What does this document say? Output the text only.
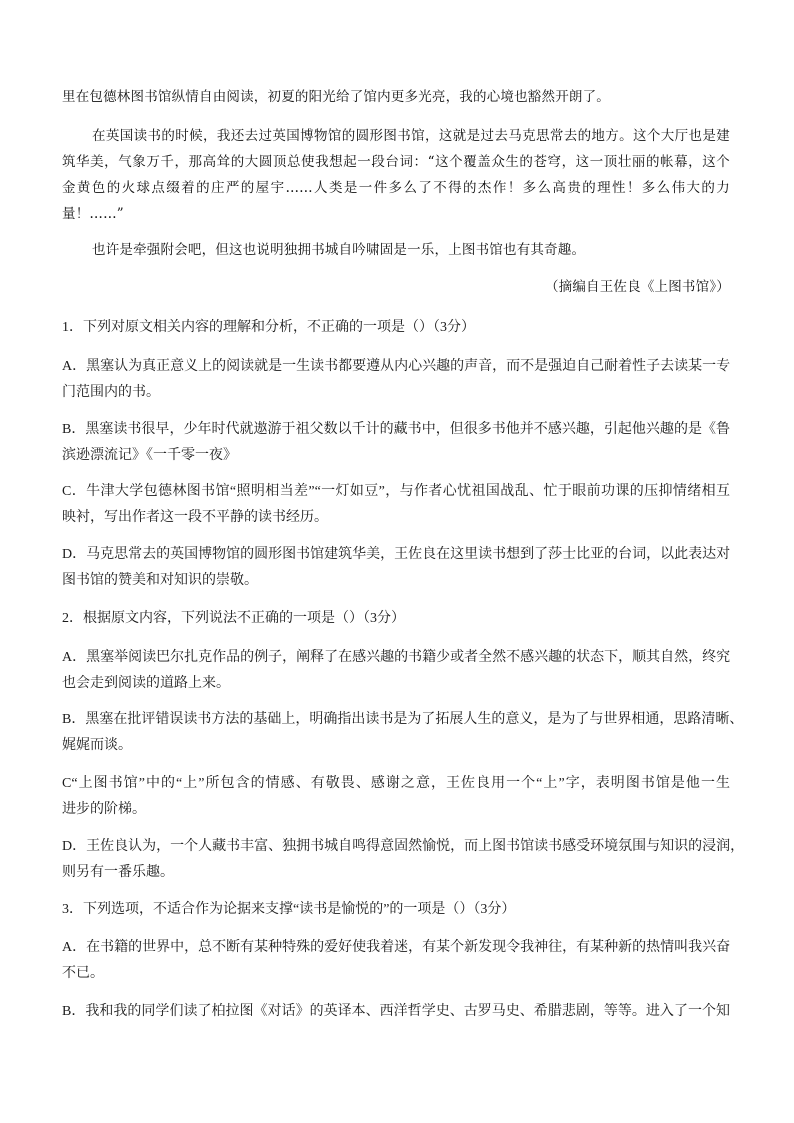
里在包德林图书馆纵情自由阅读，初夏的阳光给了馆内更多光亮，我的心境也豁然开朗了。
在英国读书的时候，我还去过英国博物馆的圆形图书馆，这就是过去马克思常去的地方。这个大厅也是建
筑华美，气象万千，那高耸的大圆顶总使我想起一段台词：“这个覆盖众生的苍穹，这一顶壮丽的帐幕，这个
金黄色的火球点缀着的庄严的屋宇……人类是一件多么了不得的杰作！多么高贵的理性！多么伟大的力
量！……”
也许是牵强附会吧，但这也说明独拥书城自吟啸固是一乐，上图书馆也有其奇趣。
（摘编自王佐良《上图书馆》）
1．下列对原文相关内容的理解和分析，不正确的一项是（）（3分）
A．黑塞认为真正意义上的阅读就是一生读书都要遵从内心兴趣的声音，而不是强迫自己耐着性子去读某一专
门范围内的书。
B．黑塞读书很早，少年时代就遨游于祖父数以千计的藏书中，但很多书他并不感兴趣，引起他兴趣的是《鲁
滨逊漂流记》《一千零一夜》
C．牛津大学包德林图书馆“照明相当差”“一灯如豆”，与作者心忧祖国战乱、忙于眼前功课的压抑情绪相互
映衬，写出作者这一段不平静的读书经历。
D．马克思常去的英国博物馆的圆形图书馆建筑华美，王佐良在这里读书想到了莎士比亚的台词，以此表达对
图书馆的赞美和对知识的崇敬。
2．根据原文内容，下列说法不正确的一项是（）（3分）
A．黑塞举阅读巴尔扎克作品的例子，阐释了在感兴趣的书籍少或者全然不感兴趣的状态下，顺其自然，终究
也会走到阅读的道路上来。
B．黑塞在批评错误读书方法的基础上，明确指出读书是为了拓展人生的意义，是为了与世界相通，思路清晰、
娓娓而谈。
C“上图书馆”中的“上”所包含的情感、有敬畏、感谢之意，王佐良用一个“上”字，表明图书馆是他一生
进步的阶梯。
D．王佐良认为，一个人藏书丰富、独拥书城自鸣得意固然愉悦，而上图书馆读书感受环境氛围与知识的浸润，
则另有一番乐趣。
3．下列选项，不适合作为论据来支撑“读书是愉悦的”的一项是（）（3分）
A．在书籍的世界中，总不断有某种特殊的爱好使我着迷，有某个新发现令我神往，有某种新的热情叫我兴奋
不已。
B．我和我的同学们读了柏拉图《对话》的英译本、西洋哲学史、古罗马史、希腊悲剧，等等。进入了一个知
